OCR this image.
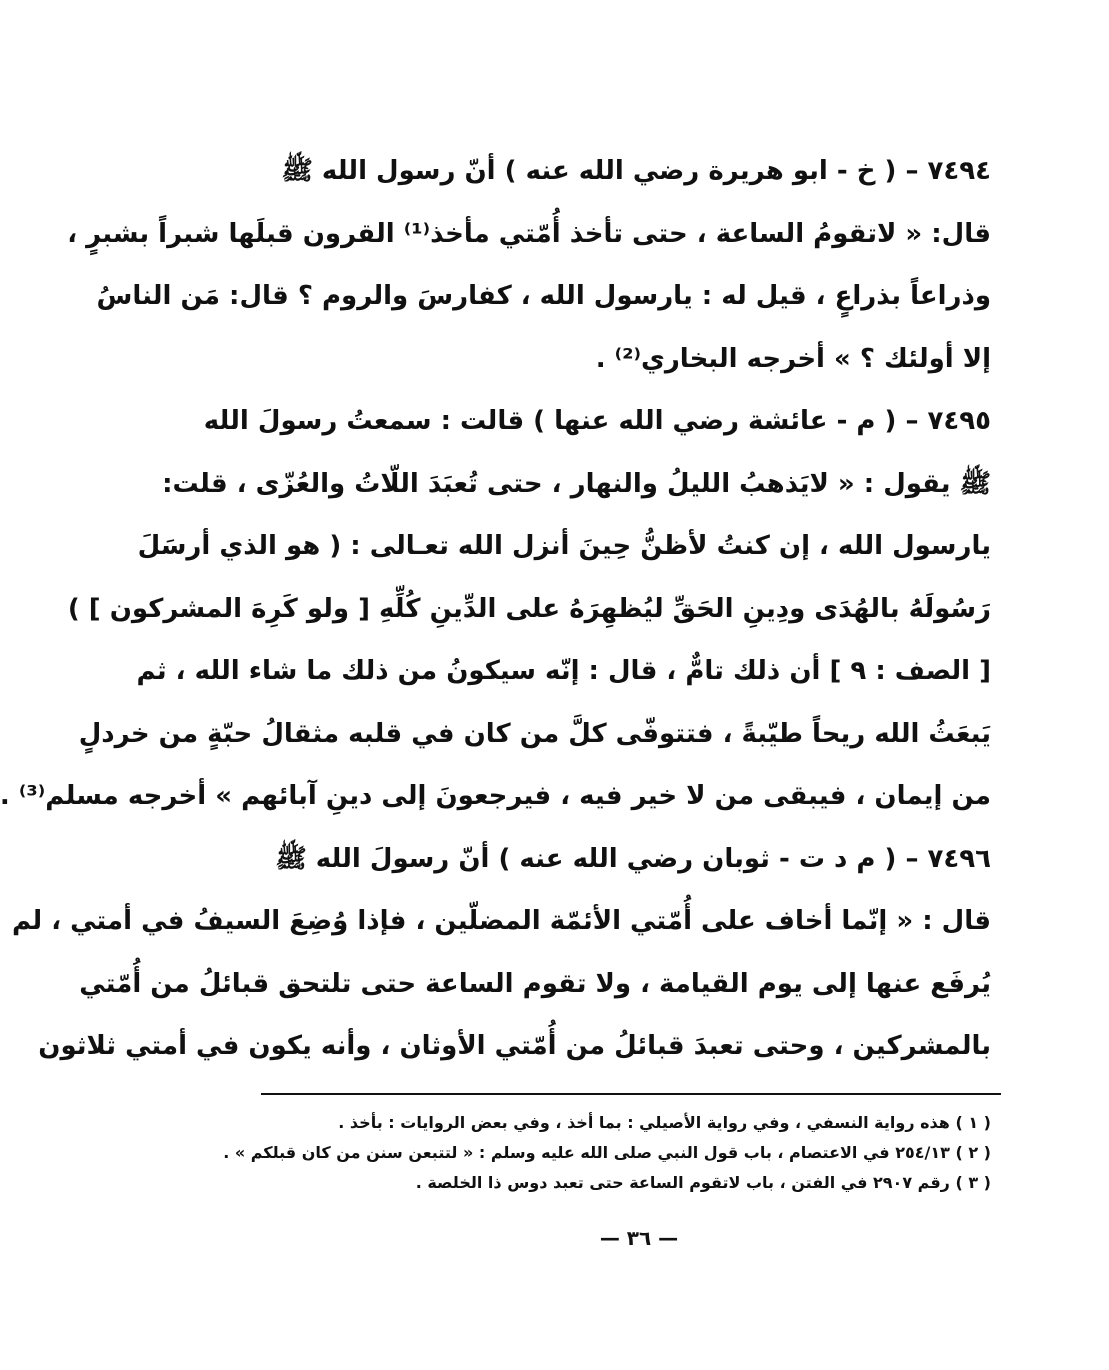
٧٤٩٤ – ( خ - ابو هريرة رضي الله عنه ) أنّ رسول الله ﷺ
قال: « لاتقومُ الساعة ، حتى تأخذ أُمّتي مأخذ⁽¹⁾ القرون قبلَها شبراً بشبرٍ ،
وذراعاً بذراعٍ ، قيل له : يارسول الله ، كفارسَ والروم ؟ قال: مَن الناسُ
إلا أولئك ؟ » أخرجه البخاري⁽²⁾ .
٧٤٩٥ – ( م - عائشة رضي الله عنها ) قالت : سمعتُ رسولَ الله
ﷺ يقول : « لايَذهبُ الليلُ والنهار ، حتى تُعبَدَ اللّاتُ والعُزّى ، قلت:
يارسول الله ، إن كنتُ لأظنُّ حِينَ أنزل الله تعـالى : ( هو الذي أرسَلَ
رَسُولَهُ بالهُدَى ودِينِ الحَقِّ ليُظهِرَهُ على الدِّينِ كُلِّهِ [ ولو كَرِهَ المشركون ] )
[ الصف : ٩ ] أن ذلك تامٌّ ، قال : إنّه سيكونُ من ذلك ما شاء الله ، ثم
يَبعَثُ الله ريحاً طيّبةً ، فتتوفّى كلَّ من كان في قلبه مثقالُ حبّةٍ من خردلٍ
من إيمان ، فيبقى من لا خير فيه ، فيرجعونَ إلى دينِ آبائهم » أخرجه مسلم⁽³⁾ .
٧٤٩٦ – ( م د ت - ثوبان رضي الله عنه ) أنّ رسولَ الله ﷺ
قال : « إنّما أخاف على أُمّتي الأئمّة المضلّين ، فإذا وُضِعَ السيفُ في أمتي ، لم
يُرفَع عنها إلى يوم القيامة ، ولا تقوم الساعة حتى تلتحق قبائلُ من أُمّتي
بالمشركين ، وحتى تعبدَ قبائلُ من أُمّتي الأوثان ، وأنه يكون في أمتي ثلاثون
( ١ ) هذه رواية النسفي ، وفي رواية الأصيلي : بما أخذ ، وفي بعض الروايات : بأخذ .
( ٢ ) ٢٥٤/١٣ في الاعتصام ، باب قول النبي صلى الله عليه وسلم : « لتتبعن سنن من كان قبلكم » .
( ٣ ) رقم ٢٩٠٧ في الفتن ، باب لاتقوم الساعة حتى تعبد دوس ذا الخلصة .
— ٣٦ —
